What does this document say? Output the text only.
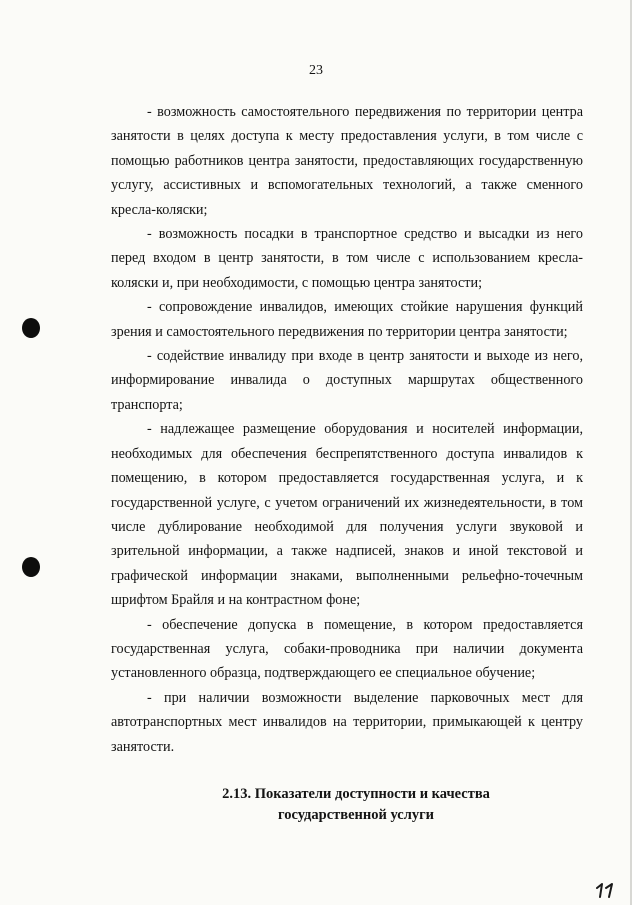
23

- возможность самостоятельного передвижения по территории центра занятости в целях доступа к месту предоставления услуги, в том числе с помощью работников центра занятости, предоставляющих государственную услугу, ассистивных и вспомогательных технологий, а также сменного кресла-коляски;

- возможность посадки в транспортное средство и высадки из него перед входом в центр занятости, в том числе с использованием кресла-коляски и, при необходимости, с помощью центра занятости;

- сопровождение инвалидов, имеющих стойкие нарушения функций зрения и самостоятельного передвижения по территории центра занятости;

- содействие инвалиду при входе в центр занятости и выходе из него, информирование инвалида о доступных маршрутах общественного транспорта;

- надлежащее размещение оборудования и носителей информации, необходимых для обеспечения беспрепятственного доступа инвалидов к помещению, в котором предоставляется государственная услуга, и к государственной услуге, с учетом ограничений их жизнедеятельности, в том числе дублирование необходимой для получения услуги звуковой и зрительной информации, а также надписей, знаков и иной текстовой и графической информации знаками, выполненными рельефно-точечным шрифтом Брайля и на контрастном фоне;

- обеспечение допуска в помещение, в котором предоставляется государственная услуга, собаки-проводника при наличии документа установленного образца, подтверждающего ее специальное обучение;

- при наличии возможности выделение парковочных мест для автотранспортных мест инвалидов на территории, примыкающей к центру занятости.

2.13. Показатели доступности и качества
государственной услуги
